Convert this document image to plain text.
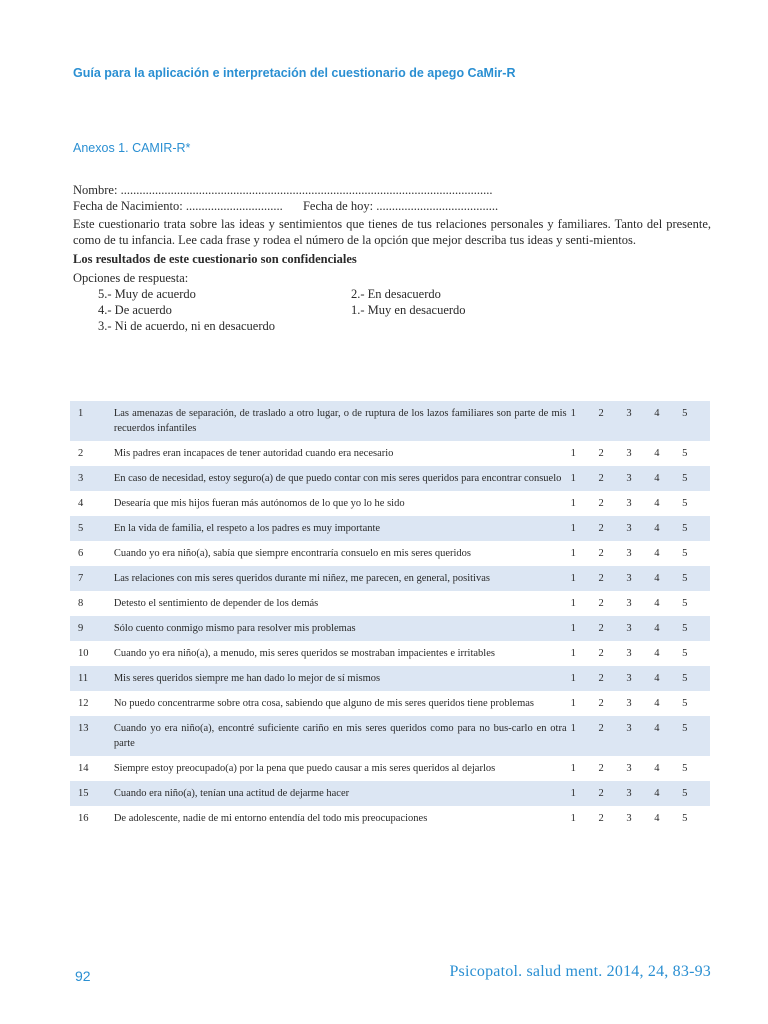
Guía para la aplicación e interpretación del cuestionario de apego CaMir-R
Anexos 1. CAMIR-R*
Nombre: .......................................................................................................................
Fecha de Nacimiento: ............................... Fecha de hoy: .......................................
Este cuestionario trata sobre las ideas y sentimientos que tienes de tus relaciones personales y familiares. Tanto del presente, como de tu infancia. Lee cada frase y rodea el número de la opción que mejor describa tus ideas y senti-mientos.
Los resultados de este cuestionario son confidenciales
Opciones de respuesta:
5.- Muy de acuerdo
4.- De acuerdo
3.- Ni de acuerdo, ni en desacuerdo
2.- En desacuerdo
1.- Muy en desacuerdo
1	Las amenazas de separación, de traslado a otro lugar, o de ruptura de los lazos familiares son parte de mis recuerdos infantiles	1	2	3	4	5
2	Mis padres eran incapaces de tener autoridad cuando era necesario	1	2	3	4	5
3	En caso de necesidad, estoy seguro(a) de que puedo contar con mis seres queridos para encontrar consuelo	1	2	3	4	5
4	Desearía que mis hijos fueran más autónomos de lo que yo lo he sido	1	2	3	4	5
5	En la vida de familia, el respeto a los padres es muy importante	1	2	3	4	5
6	Cuando yo era niño(a), sabía que siempre encontraría consuelo en mis seres queridos	1	2	3	4	5
7	Las relaciones con mis seres queridos durante mi niñez, me parecen, en general, positivas	1	2	3	4	5
8	Detesto el sentimiento de depender de los demás	1	2	3	4	5
9	Sólo cuento conmigo mismo para resolver mis problemas	1	2	3	4	5
10	Cuando yo era niño(a), a menudo, mis seres queridos se mostraban impacientes e irritables	1	2	3	4	5
11	Mis seres queridos siempre me han dado lo mejor de sí mismos	1	2	3	4	5
12	No puedo concentrarme sobre otra cosa, sabiendo que alguno de mis seres queridos tiene problemas	1	2	3	4	5
13	Cuando yo era niño(a), encontré suficiente cariño en mis seres queridos como para no bus-carlo en otra parte	1	2	3	4	5
14	Siempre estoy preocupado(a) por la pena que puedo causar a mis seres queridos al dejarlos	1	2	3	4	5
15	Cuando era niño(a), tenían una actitud de dejarme hacer	1	2	3	4	5
16	De adolescente, nadie de mi entorno entendía del todo mis preocupaciones	1	2	3	4	5
92	Psicopatol. salud ment. 2014, 24, 83-93
